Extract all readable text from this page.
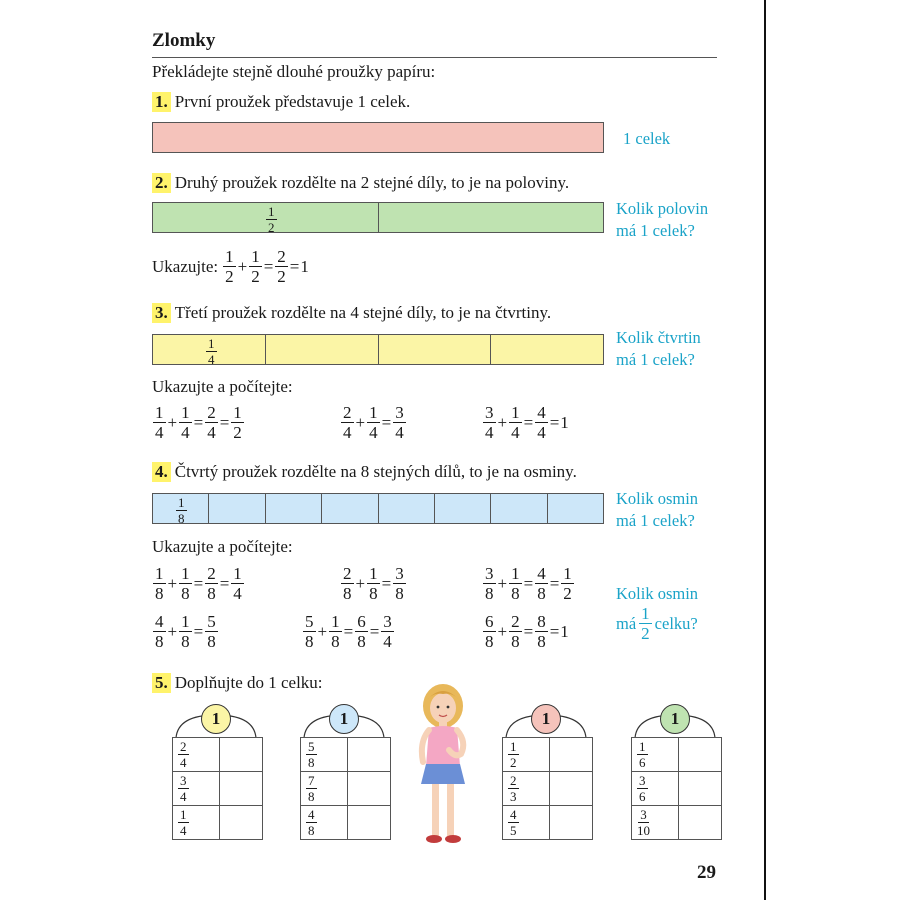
Zlomky
Překládejte stejně dlouhé proužky papíru:
1. První proužek představuje 1 celek.
1 celek
2. Druhý proužek rozdělte na 2 stejné díly, to je na poloviny.
$\frac{1}{2}$	Kolik polovin
má 1 celek?
Ukazujte: $\frac{1}{2} + \frac{1}{2} = \frac{2}{2} = 1$
3. Třetí proužek rozdělte na 4 stejné díly, to je na čtvrtiny.
$\frac{1}{4}$	Kolik čtvrtin
má 1 celek?
Ukazujte a počítejte:
$\frac{1}{4} + \frac{1}{4} = \frac{2}{4} = \frac{1}{2}$	$\frac{2}{4} + \frac{1}{4} = \frac{3}{4}$	$\frac{3}{4} + \frac{1}{4} = \frac{4}{4} = 1$
4. Čtvrtý proužek rozdělte na 8 stejných dílů, to je na osminy.
$\frac{1}{8}$	Kolik osmin
má 1 celek?
Ukazujte a počítejte:
$\frac{1}{8} + \frac{1}{8} = \frac{2}{8} = \frac{1}{4}$	$\frac{2}{8} + \frac{1}{8} = \frac{3}{8}$	$\frac{3}{8} + \frac{1}{8} = \frac{4}{8} = \frac{1}{2}$
$\frac{4}{8} + \frac{1}{8} = \frac{5}{8}$	$\frac{5}{8} + \frac{1}{8} = \frac{6}{8} = \frac{3}{4}$	$\frac{6}{8} + \frac{2}{8} = \frac{8}{8} = 1$
Kolik osmin
má $\frac{1}{2}$ celku?
5. Doplňujte do 1 celku:
1
$\frac{2}{4}$

$\frac{3}{4}$

$\frac{1}{4}$

1
$\frac{5}{8}$

$\frac{7}{8}$

$\frac{4}{8}$

1
$\frac{1}{2}$

$\frac{2}{3}$

$\frac{4}{5}$

1
$\frac{1}{6}$

$\frac{3}{6}$

$\frac{3}{10}$

29
